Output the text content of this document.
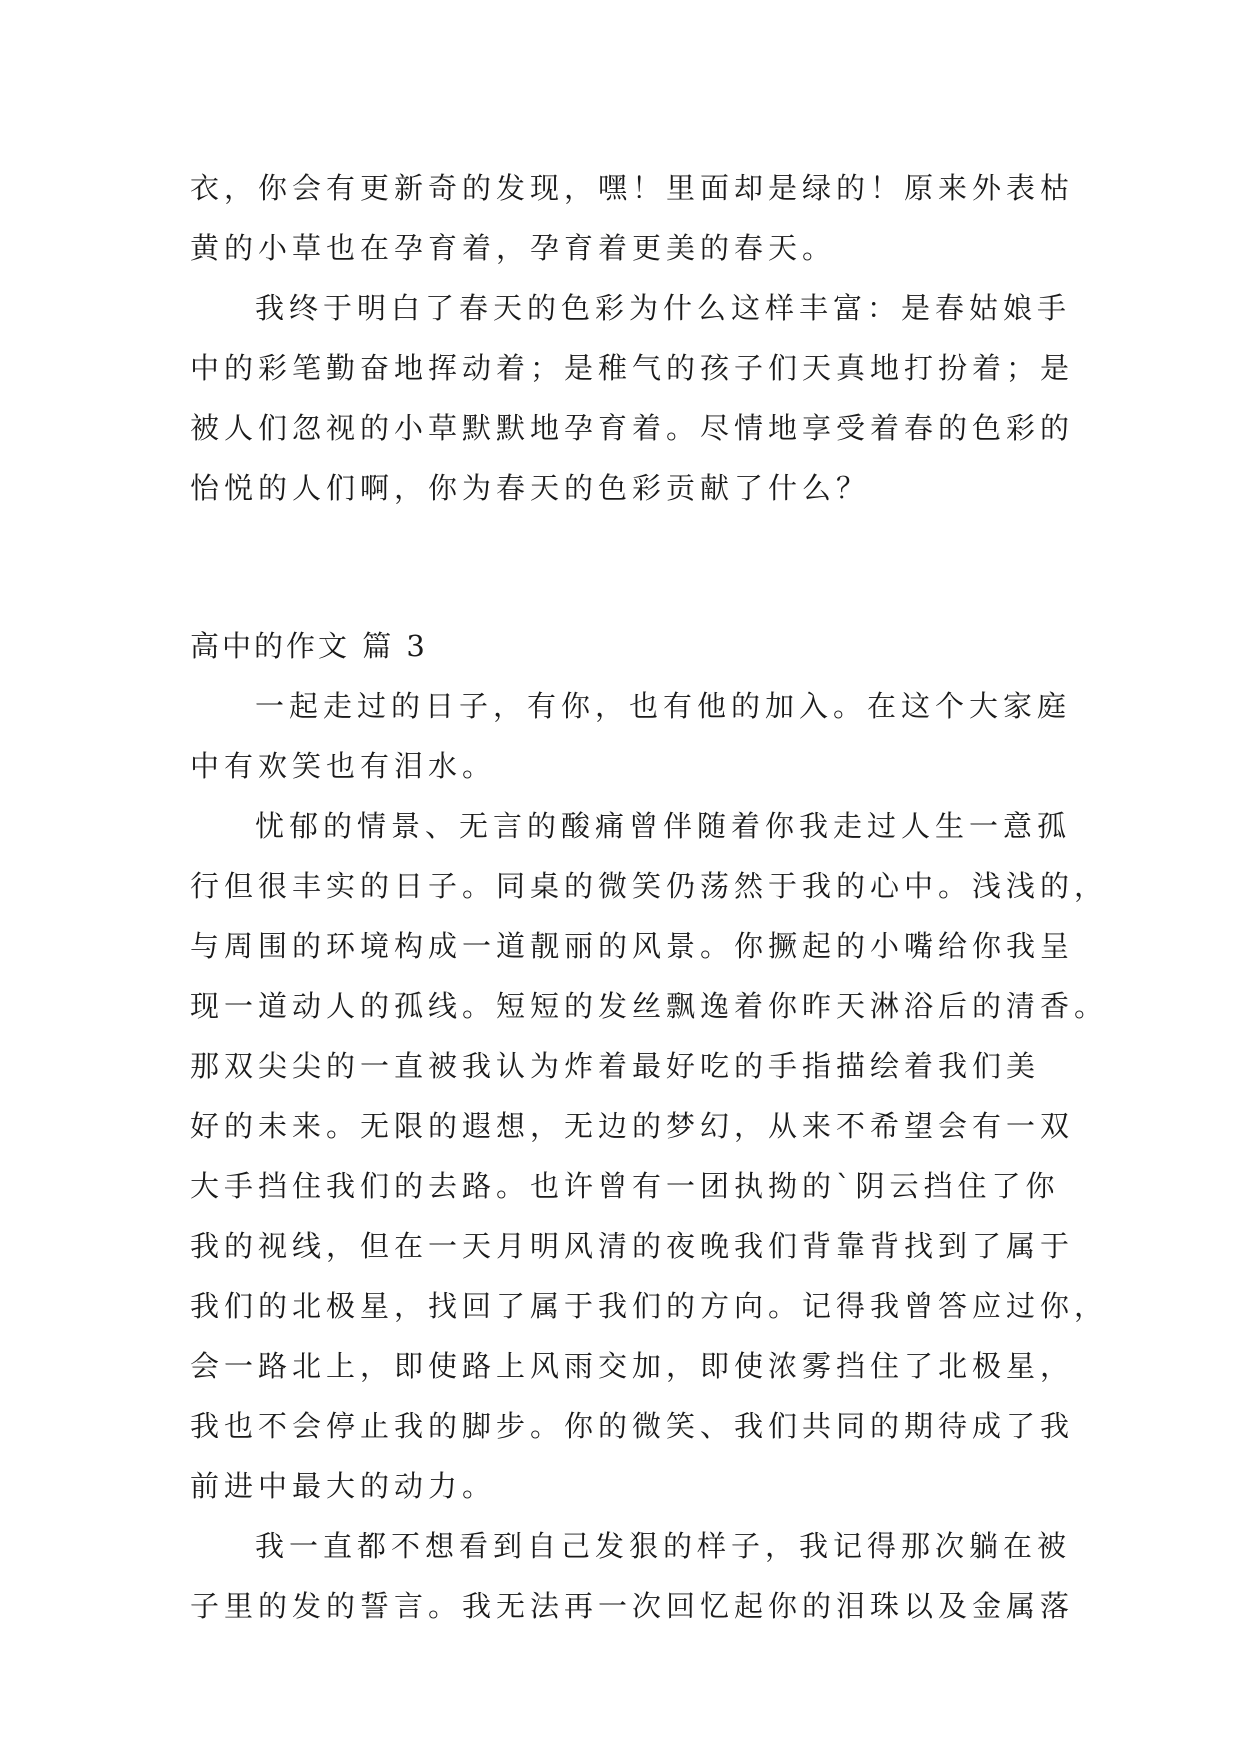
衣，你会有更新奇的发现，嘿！里面却是绿的！原来外表枯
黄的小草也在孕育着，孕育着更美的春天。
我终于明白了春天的色彩为什么这样丰富：是春姑娘手
中的彩笔勤奋地挥动着；是稚气的孩子们天真地打扮着；是
被人们忽视的小草默默地孕育着。尽情地享受着春的色彩的
怡悦的人们啊，你为春天的色彩贡献了什么？
高中的作文 篇 3
一起走过的日子，有你，也有他的加入。在这个大家庭
中有欢笑也有泪水。
忧郁的情景、无言的酸痛曾伴随着你我走过人生一意孤
行但很丰实的日子。同桌的微笑仍荡然于我的心中。浅浅的，
与周围的环境构成一道靓丽的风景。你撅起的小嘴给你我呈
现一道动人的孤线。短短的发丝飘逸着你昨天淋浴后的清香。
那双尖尖的一直被我认为炸着最好吃的手指描绘着我们美
好的未来。无限的遐想，无边的梦幻，从来不希望会有一双
大手挡住我们的去路。也许曾有一团执拗的`阴云挡住了你
我的视线，但在一天月明风清的夜晚我们背靠背找到了属于
我们的北极星，找回了属于我们的方向。记得我曾答应过你，
会一路北上，即使路上风雨交加，即使浓雾挡住了北极星，
我也不会停止我的脚步。你的微笑、我们共同的期待成了我
前进中最大的动力。
我一直都不想看到自己发狠的样子，我记得那次躺在被
子里的发的誓言。我无法再一次回忆起你的泪珠以及金属落
